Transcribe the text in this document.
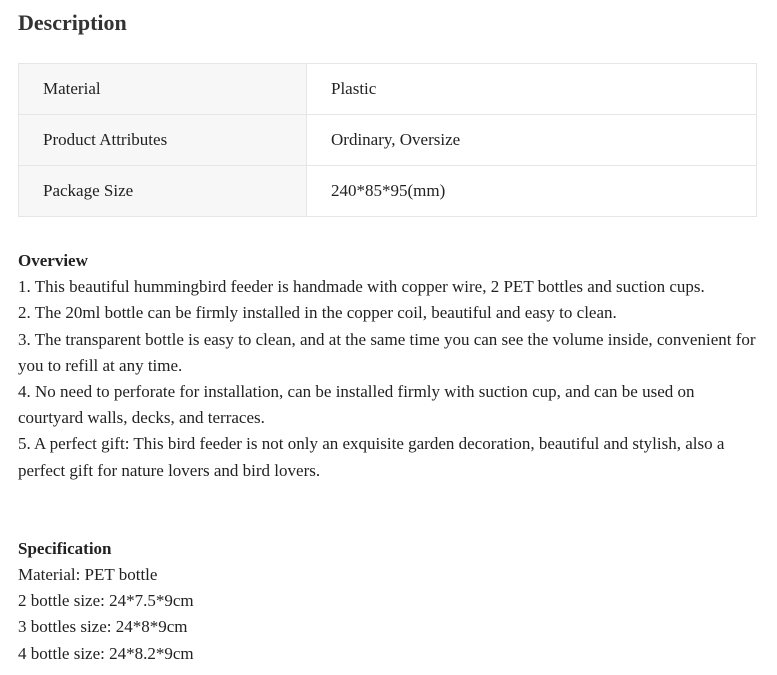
Description
Material	Plastic
Product Attributes	Ordinary, Oversize
Package Size	240*85*95(mm)

Overview

1. This beautiful hummingbird feeder is handmade with copper wire, 2 PET bottles and suction cups.

2. The 20ml bottle can be firmly installed in the copper coil, beautiful and easy to clean.

3. The transparent bottle is easy to clean, and at the same time you can see the volume inside, convenient for you to refill at any time.

4. No need to perforate for installation, can be installed firmly with suction cup, and can be used on courtyard walls, decks, and terraces.

5. A perfect gift: This bird feeder is not only an exquisite garden decoration, beautiful and stylish, also a perfect gift for nature lovers and bird lovers.

Specification

Material: PET bottle

2 bottle size: 24*7.5*9cm

3 bottles size: 24*8*9cm

4 bottle size: 24*8.2*9cm
